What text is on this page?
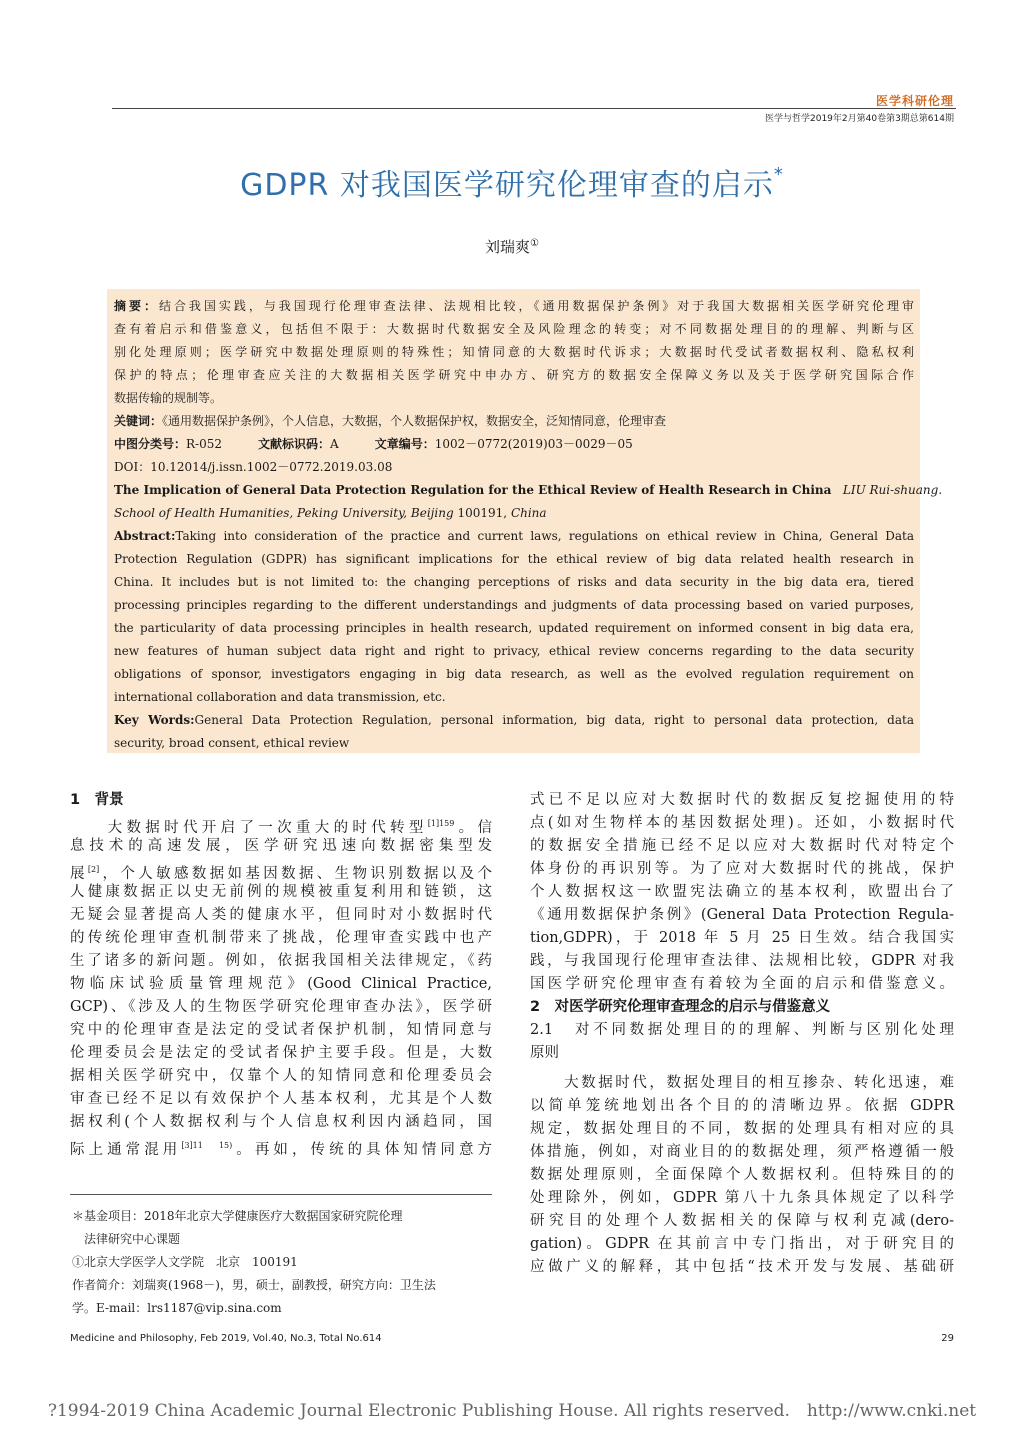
医学科研伦理
医学与哲学2019年2月第40卷第3期总第614期
GDPR 对我国医学研究伦理审查的启示*
刘瑞爽①
摘要：结合我国实践，与我国现行伦理审查法律、法规相比较，《通用数据保护条例》对于我国大数据相关医学研究伦理审
查有着启示和借鉴意义，包括但不限于：大数据时代数据安全及风险理念的转变；对不同数据处理目的的理解、判断与区
别化处理原则；医学研究中数据处理原则的特殊性；知情同意的大数据时代诉求；大数据时代受试者数据权利、隐私权利
保护的特点；伦理审查应关注的大数据相关医学研究中申办方、研究方的数据安全保障义务以及关于医学研究国际合作
数据传输的规制等。
关键词：《通用数据保护条例》，个人信息，大数据，个人数据保护权，数据安全，泛知情同意，伦理审查
中图分类号：R-052	文献标识码：A	文章编号：1002－0772(2019)03－0029－05
DOI：10.12014/j.issn.1002－0772.2019.03.08
The Implication of General Data Protection Regulation for the Ethical Review of Health Research in China LIU Rui-shuang.
School of Health Humanities, Peking University, Beijing 100191, China
Abstract:Taking into consideration of the practice and current laws, regulations on ethical review in China, General Data
Protection Regulation (GDPR) has significant implications for the ethical review of big data related health research in
China. It includes but is not limited to: the changing perceptions of risks and data security in the big data era, tiered
processing principles regarding to the different understandings and judgments of data processing based on varied purposes,
the particularity of data processing principles in health research, updated requirement on informed consent in big data era,
new features of human subject data right and right to privacy, ethical review concerns regarding to the data security
obligations of sponsor, investigators engaging in big data research, as well as the evolved regulation requirement on
international collaboration and data transmission, etc.
Key Words:General Data Protection Regulation, personal information, big data, right to personal data protection, data
security, broad consent, ethical review
1　背景
　　大数据时代开启了一次重大的时代转型$^{[1]159}$。信
息技术的高速发展，医学研究迅速向数据密集型发
展[2]，个人敏感数据如基因数据、生物识别数据以及个
人健康数据正以史无前例的规模被重复利用和链锁，这
无疑会显著提高人类的健康水平，但同时对小数据时代
的传统伦理审查机制带来了挑战，伦理审查实践中也产
生了诸多的新问题。例如，依据我国相关法律规定，《药
物临床试验质量管理规范》(Good Clinical Practice,
GCP)、《涉及人的生物医学研究伦理审查办法》，医学研
究中的伦理审查是法定的受试者保护机制，知情同意与
伦理委员会是法定的受试者保护主要手段。但是，大数
据相关医学研究中，仅靠个人的知情同意和伦理委员会
审查已经不足以有效保护个人基本权利，尤其是个人数
据权利(个人数据权利与个人信息权利因内涵趋同，国
际上通常混用$^{[3]11 15)}$。再如，传统的具体知情同意方
＊基金项目：2018年北京大学健康医疗大数据国家研究院伦理
　法律研究中心课题
①北京大学医学人文学院　北京　100191
作者简介：刘瑞爽(1968－)，男，硕士，副教授，研究方向：卫生法
学。E-mail：lrs1187@vip.sina.com
式已不足以应对大数据时代的数据反复挖掘使用的特
点(如对生物样本的基因数据处理)。还如，小数据时代
的数据安全措施已经不足以应对大数据时代对特定个
体身份的再识别等。为了应对大数据时代的挑战，保护
个人数据权这一欧盟宪法确立的基本权利，欧盟出台了
《通用数据保护条例》(General Data Protection Regula-
tion,GDPR)，于 2018 年 5 月 25 日生效。结合我国实
践，与我国现行伦理审查法律、法规相比较，GDPR 对我
国医学研究伦理审查有着较为全面的启示和借鉴意义。
2　对医学研究伦理审查理念的启示与借鉴意义
2.1　对不同数据处理目的的理解、判断与区别化处理
原则
　　大数据时代，数据处理目的相互掺杂、转化迅速，难
以简单笼统地划出各个目的的清晰边界。依据 GDPR
规定，数据处理目的不同，数据的处理具有相对应的具
体措施，例如，对商业目的的数据处理，须严格遵循一般
数据处理原则，全面保障个人数据权利。但特殊目的的
处理除外，例如，GDPR 第八十九条具体规定了以科学
研究目的处理个人数据相关的保障与权利克减(dero-
gation)。GDPR 在其前言中专门指出，对于研究目的
应做广义的解释，其中包括“技术开发与发展、基础研
Medicine and Philosophy, Feb 2019, Vol.40, No.3, Total No.614	29
?1994-2019 China Academic Journal Electronic Publishing House. All rights reserved.　http://www.cnki.net
